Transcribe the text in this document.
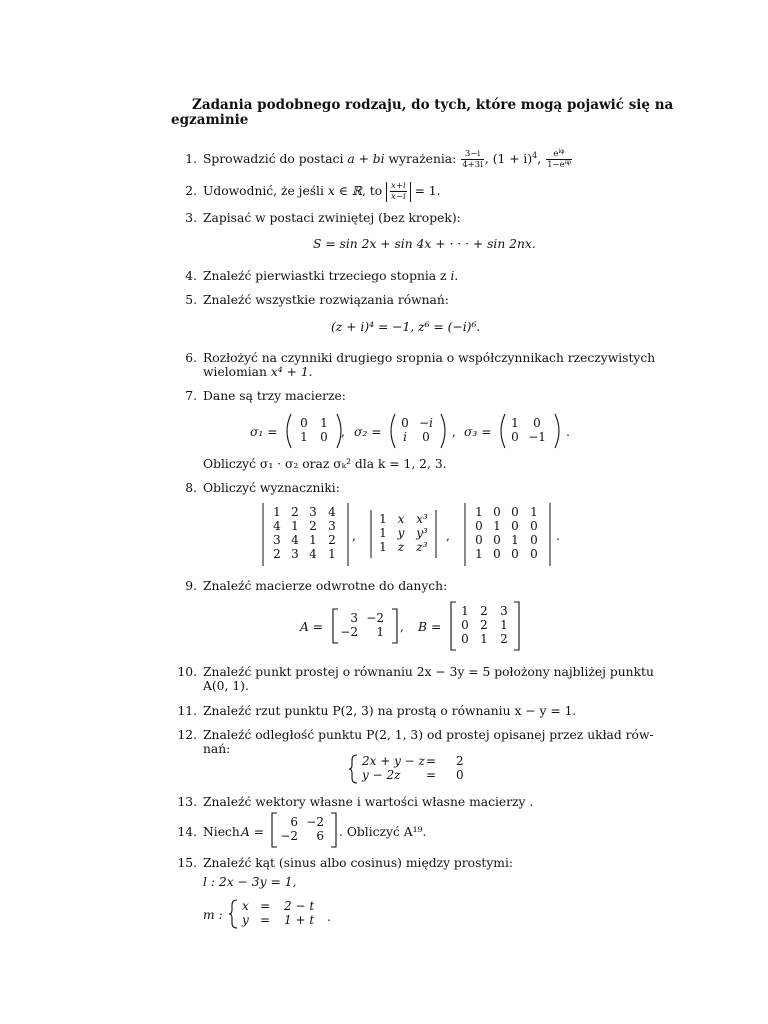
Zadania podobnego rodzaju, do tych, które mogą pojawić się na
egzaminie
1. Sprowadzić do postaci a + bi wyrażenia: $\frac{3-i}{4+3i}$ , $(1 + i)^4$, $\frac{e^{i\varphi}}{1-e^{i\varphi}}$
2. Udowodnić, że jeśli x ∈ ℝ, to $\frac{x+i}{x-i} = 1$.
3. Zapisać w postaci zwiniętej (bez kropek):
S = sin 2x + sin 4x + · · · + sin 2nx.
4. Znaleźć pierwiastki trzeciego stopnia z i.
5. Znaleźć wszystkie rozwiązania równań:
(z + i)⁴ = −1, z⁶ = (−i)⁶.
6. Rozłożyć na czynniki drugiego sropnia o współczynnikach rzeczywistych
wielomian x⁴ + 1.
7. Dane są trzy macierze:
σ₁ =
0	1
1	0 , σ₂ =
0	−i
i	0 , σ₃ =
1	0
0	−1 .
Obliczyć σ₁ · σ₂ oraz σₖ² dla k = 1, 2, 3.
8. Obliczyć wyznaczniki:
1	2	3	4
4	1	2	3
3	4	1	2
2	3	4	1
,
1	x	x³
1	y	y³
1	z	z³
,
1	0	0	1
0	1	0	0
0	0	1	0
1	0	0	0
.
9. Znaleźć macierze odwrotne do danych:
A =
3	−2
−2	1 , B =
1	2	3
0	2	1
0	1	2
10. Znaleźć punkt prostej o równaniu 2x − 3y = 5 położony najbliżej punktu
A(0, 1).
11. Znaleźć rzut punktu P(2, 3) na prostą o równaniu x − y = 1.
12. Znaleźć odległość punktu P(2, 1, 3) od prostej opisanej przez układ rów-
nań:
2x + y − z	=	2
y − 2z	=	0
13. Znaleźć wektory własne i wartości własne macierzy .
14. Niech A =
6	−2
−2	6 . Obliczyć A¹⁹.
15. Znaleźć kąt (sinus albo cosinus) między prostymi:
l : 2x − 3y = 1,
m :
x	=	2 − t
y	=	1 + t .
